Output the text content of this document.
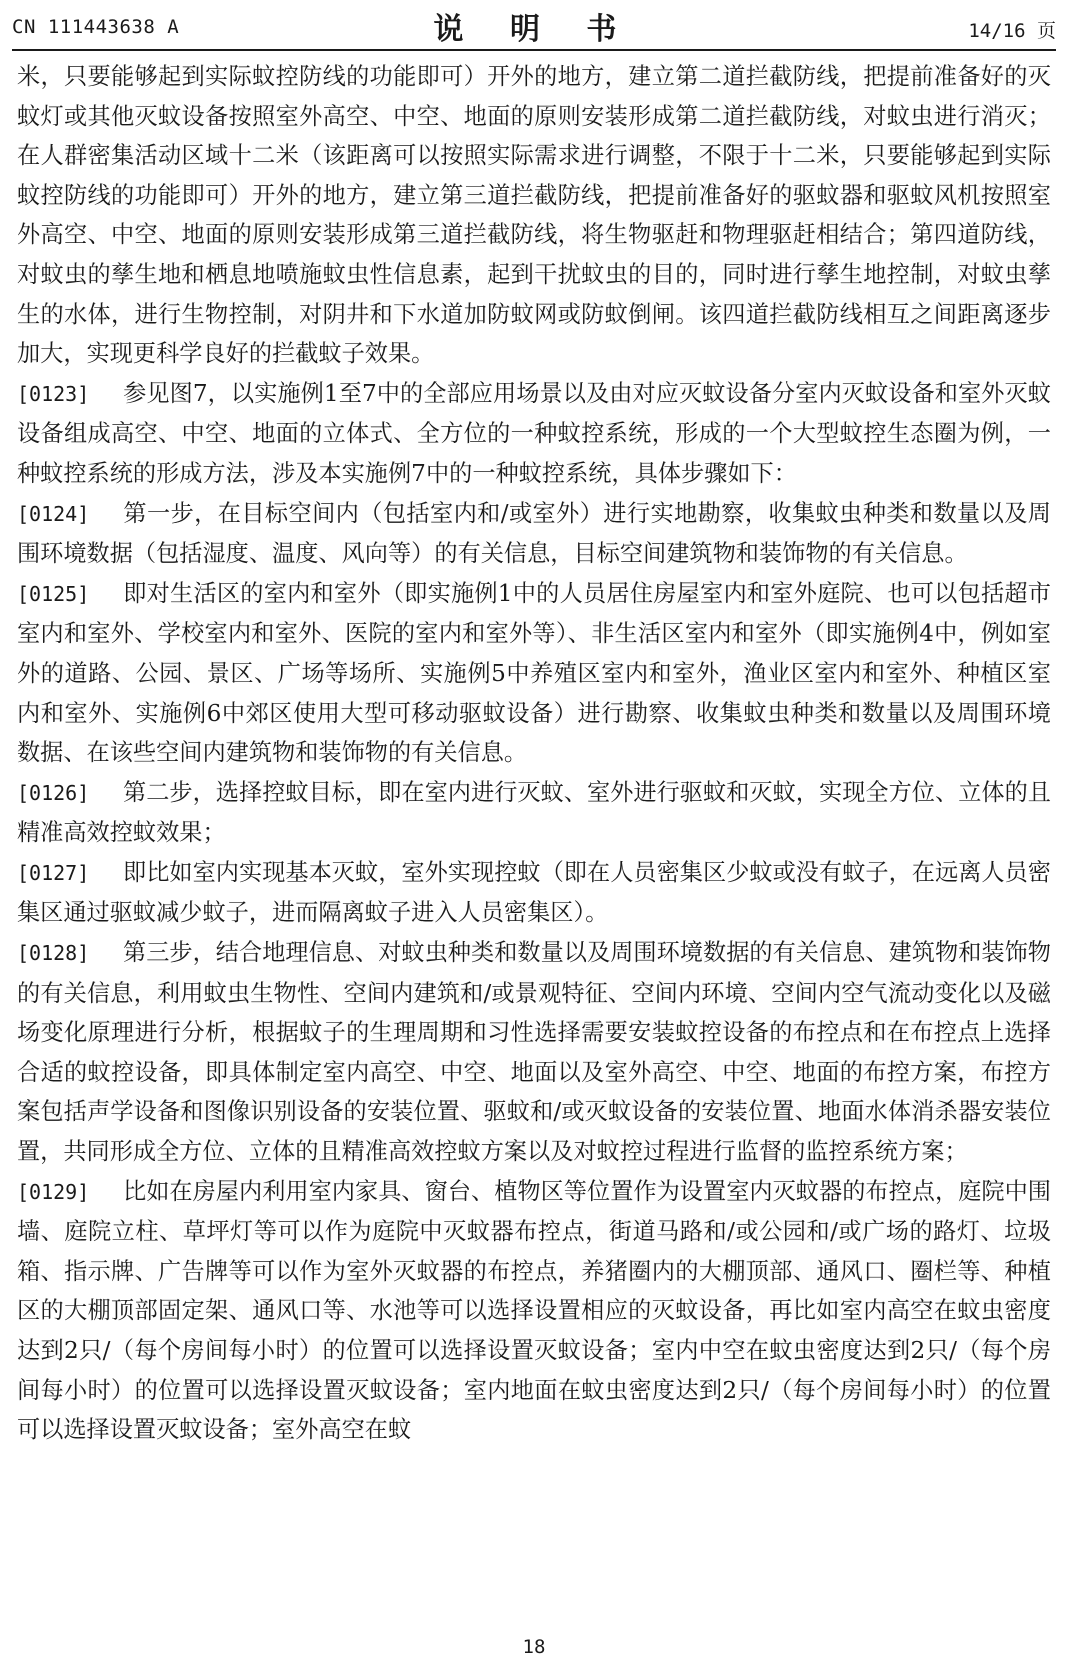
CN 111443638 A	说 明 书	14/16 页

米，只要能够起到实际蚊控防线的功能即可）开外的地方，建立第二道拦截防线，把提前准备好的灭蚊灯或其他灭蚊设备按照室外高空、中空、地面的原则安装形成第二道拦截防线，对蚊虫进行消灭；在人群密集活动区域十二米（该距离可以按照实际需求进行调整，不限于十二米，只要能够起到实际蚊控防线的功能即可）开外的地方，建立第三道拦截防线，把提前准备好的驱蚊器和驱蚊风机按照室外高空、中空、地面的原则安装形成第三道拦截防线，将生物驱赶和物理驱赶相结合；第四道防线，对蚊虫的孳生地和栖息地喷施蚊虫性信息素，起到干扰蚊虫的目的，同时进行孳生地控制，对蚊虫孳生的水体，进行生物控制，对阴井和下水道加防蚊网或防蚊倒闸。该四道拦截防线相互之间距离逐步加大，实现更科学良好的拦截蚊子效果。

[0123] 参见图7，以实施例1至7中的全部应用场景以及由对应灭蚊设备分室内灭蚊设备和室外灭蚊设备组成高空、中空、地面的立体式、全方位的一种蚊控系统，形成的一个大型蚊控生态圈为例，一种蚊控系统的形成方法，涉及本实施例7中的一种蚊控系统，具体步骤如下：

[0124] 第一步，在目标空间内（包括室内和/或室外）进行实地勘察，收集蚊虫种类和数量以及周围环境数据（包括湿度、温度、风向等）的有关信息，目标空间建筑物和装饰物的有关信息。

[0125] 即对生活区的室内和室外（即实施例1中的人员居住房屋室内和室外庭院、也可以包括超市室内和室外、学校室内和室外、医院的室内和室外等）、非生活区室内和室外（即实施例4中，例如室外的道路、公园、景区、广场等场所、实施例5中养殖区室内和室外，渔业区室内和室外、种植区室内和室外、实施例6中郊区使用大型可移动驱蚊设备）进行勘察、收集蚊虫种类和数量以及周围环境数据、在该些空间内建筑物和装饰物的有关信息。

[0126] 第二步，选择控蚊目标，即在室内进行灭蚊、室外进行驱蚊和灭蚊，实现全方位、立体的且精准高效控蚊效果；

[0127] 即比如室内实现基本灭蚊，室外实现控蚊（即在人员密集区少蚊或没有蚊子，在远离人员密集区通过驱蚊减少蚊子，进而隔离蚊子进入人员密集区）。

[0128] 第三步，结合地理信息、对蚊虫种类和数量以及周围环境数据的有关信息、建筑物和装饰物的有关信息，利用蚊虫生物性、空间内建筑和/或景观特征、空间内环境、空间内空气流动变化以及磁场变化原理进行分析，根据蚊子的生理周期和习性选择需要安装蚊控设备的布控点和在布控点上选择合适的蚊控设备，即具体制定室内高空、中空、地面以及室外高空、中空、地面的布控方案，布控方案包括声学设备和图像识别设备的安装位置、驱蚊和/或灭蚊设备的安装位置、地面水体消杀器安装位置，共同形成全方位、立体的且精准高效控蚊方案以及对蚊控过程进行监督的监控系统方案；

[0129] 比如在房屋内利用室内家具、窗台、植物区等位置作为设置室内灭蚊器的布控点，庭院中围墙、庭院立柱、草坪灯等可以作为庭院中灭蚊器布控点，街道马路和/或公园和/或广场的路灯、垃圾箱、指示牌、广告牌等可以作为室外灭蚊器的布控点，养猪圈内的大棚顶部、通风口、圈栏等、种植区的大棚顶部固定架、通风口等、水池等可以选择设置相应的灭蚊设备，再比如室内高空在蚊虫密度达到2只/（每个房间每小时）的位置可以选择设置灭蚊设备；室内中空在蚊虫密度达到2只/（每个房间每小时）的位置可以选择设置灭蚊设备；室内地面在蚊虫密度达到2只/（每个房间每小时）的位置可以选择设置灭蚊设备；室外高空在蚊

18
